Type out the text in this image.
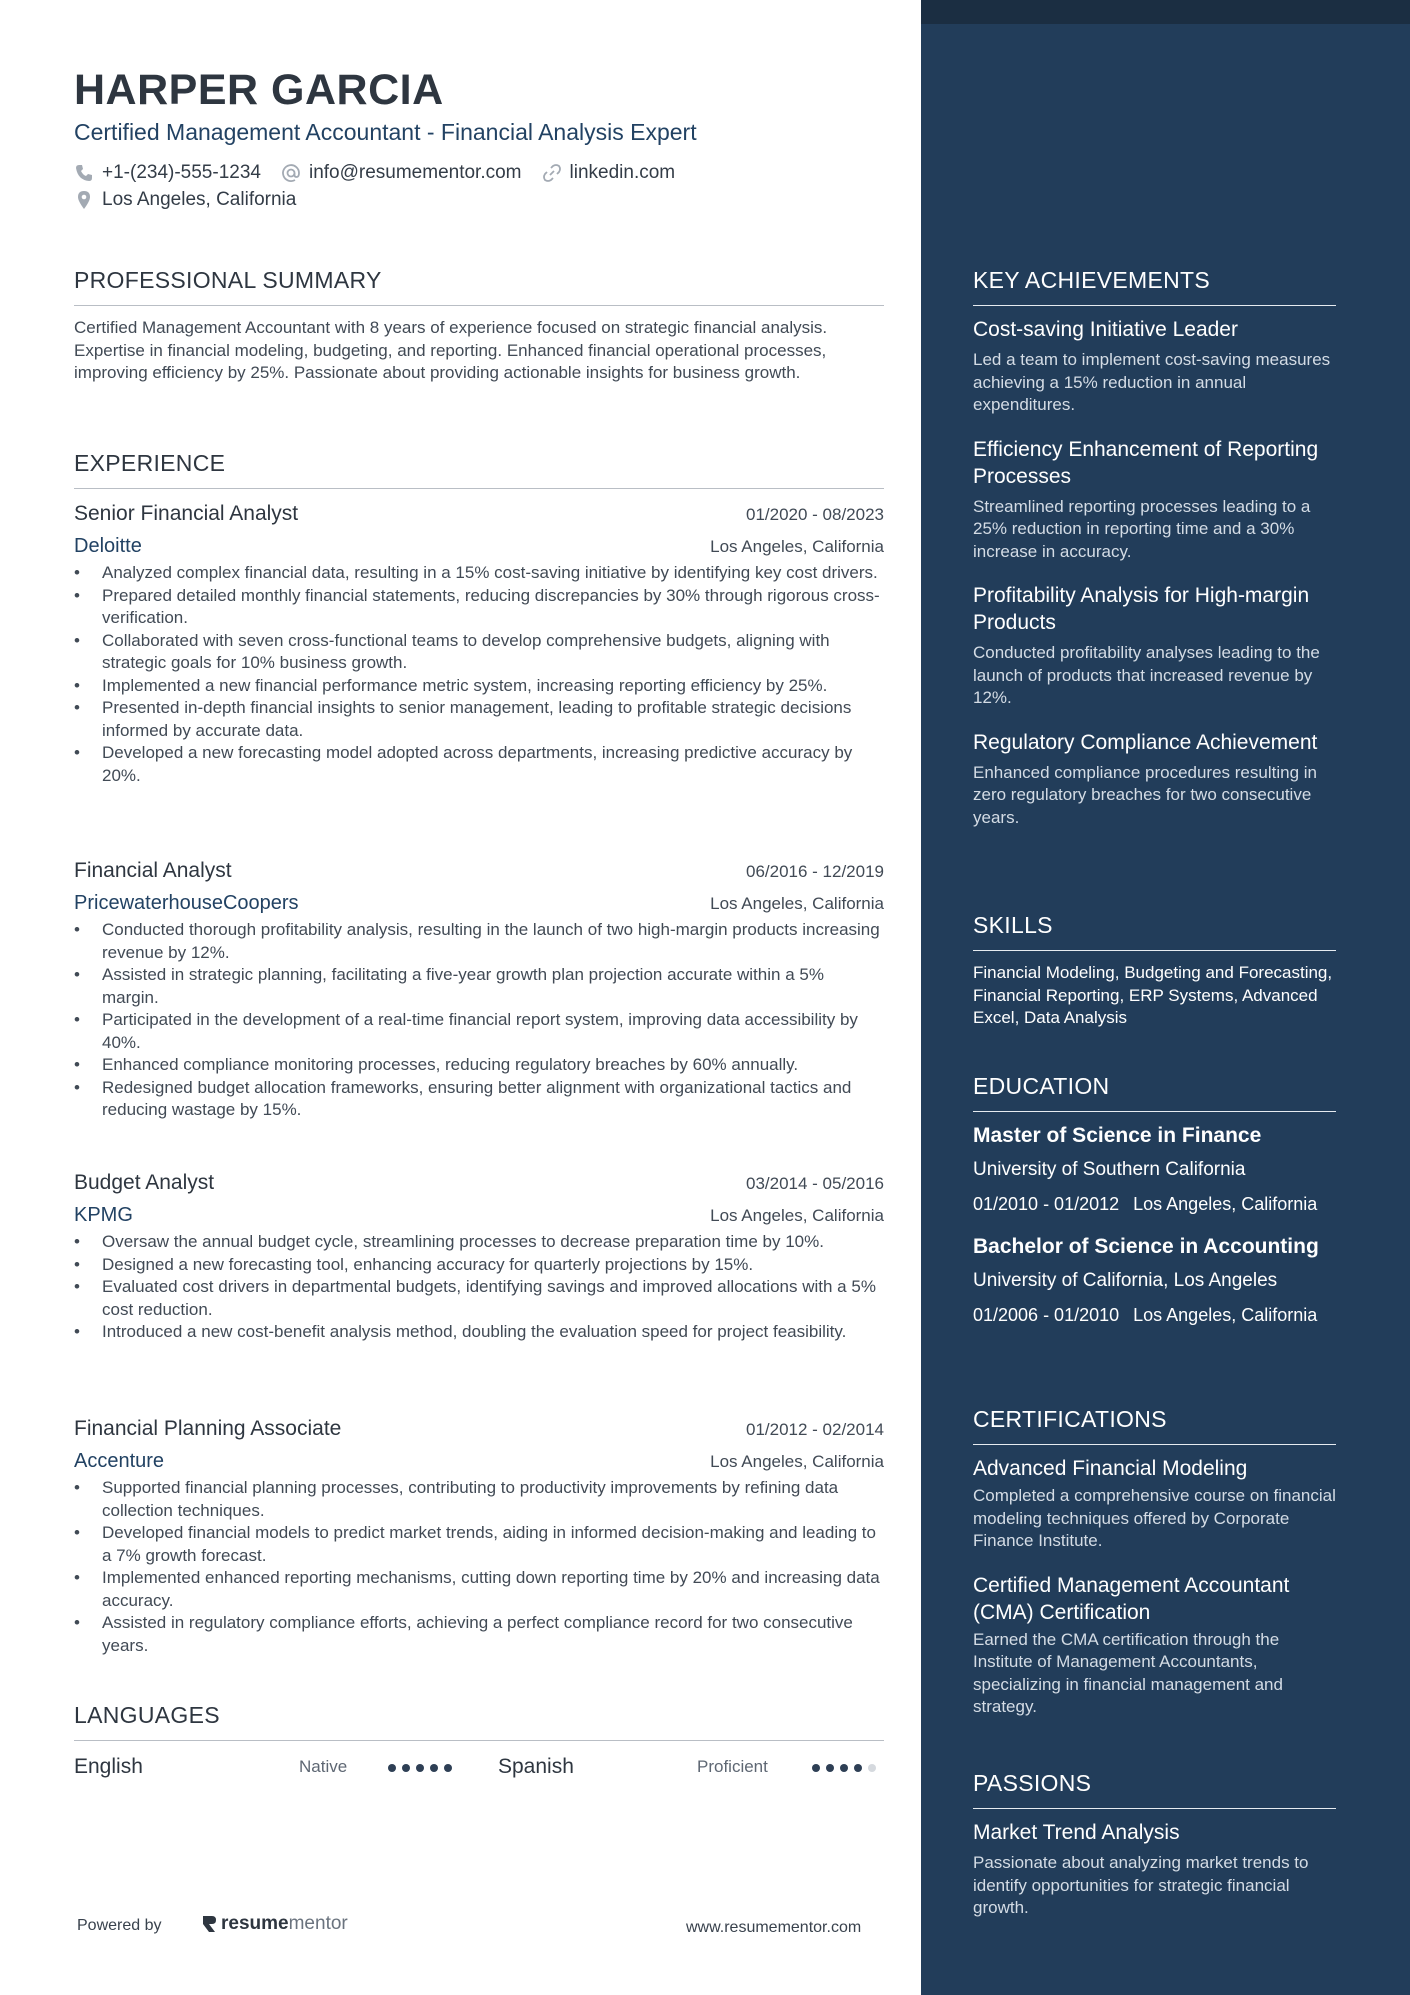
HARPER GARCIA
Certified Management Accountant - Financial Analysis Expert
+1-(234)-555-1234	info@resumementor.com	linkedin.com
Los Angeles, California
PROFESSIONAL SUMMARY
Certified Management Accountant with 8 years of experience focused on strategic financial analysis. Expertise in financial modeling, budgeting, and reporting. Enhanced financial operational processes, improving efficiency by 25%. Passionate about providing actionable insights for business growth.
EXPERIENCE
Senior Financial Analyst	01/2020 - 08/2023
Deloitte	Los Angeles, California
• Analyzed complex financial data, resulting in a 15% cost-saving initiative by identifying key cost drivers.
• Prepared detailed monthly financial statements, reducing discrepancies by 30% through rigorous cross-verification.
• Collaborated with seven cross-functional teams to develop comprehensive budgets, aligning with strategic goals for 10% business growth.
• Implemented a new financial performance metric system, increasing reporting efficiency by 25%.
• Presented in-depth financial insights to senior management, leading to profitable strategic decisions informed by accurate data.
• Developed a new forecasting model adopted across departments, increasing predictive accuracy by 20%.
Financial Analyst	06/2016 - 12/2019
PricewaterhouseCoopers	Los Angeles, California
• Conducted thorough profitability analysis, resulting in the launch of two high-margin products increasing revenue by 12%.
• Assisted in strategic planning, facilitating a five-year growth plan projection accurate within a 5% margin.
• Participated in the development of a real-time financial report system, improving data accessibility by 40%.
• Enhanced compliance monitoring processes, reducing regulatory breaches by 60% annually.
• Redesigned budget allocation frameworks, ensuring better alignment with organizational tactics and reducing wastage by 15%.
Budget Analyst	03/2014 - 05/2016
KPMG	Los Angeles, California
• Oversaw the annual budget cycle, streamlining processes to decrease preparation time by 10%.
• Designed a new forecasting tool, enhancing accuracy for quarterly projections by 15%.
• Evaluated cost drivers in departmental budgets, identifying savings and improved allocations with a 5% cost reduction.
• Introduced a new cost-benefit analysis method, doubling the evaluation speed for project feasibility.
Financial Planning Associate	01/2012 - 02/2014
Accenture	Los Angeles, California
• Supported financial planning processes, contributing to productivity improvements by refining data collection techniques.
• Developed financial models to predict market trends, aiding in informed decision-making and leading to a 7% growth forecast.
• Implemented enhanced reporting mechanisms, cutting down reporting time by 20% and increasing data accuracy.
• Assisted in regulatory compliance efforts, achieving a perfect compliance record for two consecutive years.
LANGUAGES
English	Native	Spanish	Proficient
Powered by	resume mentor	www.resumementor.com
KEY ACHIEVEMENTS
Cost-saving Initiative Leader
Led a team to implement cost-saving measures achieving a 15% reduction in annual expenditures.
Efficiency Enhancement of Reporting Processes
Streamlined reporting processes leading to a 25% reduction in reporting time and a 30% increase in accuracy.
Profitability Analysis for High-margin Products
Conducted profitability analyses leading to the launch of products that increased revenue by 12%.
Regulatory Compliance Achievement
Enhanced compliance procedures resulting in zero regulatory breaches for two consecutive years.
SKILLS
Financial Modeling, Budgeting and Forecasting, Financial Reporting, ERP Systems, Advanced Excel, Data Analysis
EDUCATION
Master of Science in Finance
University of Southern California
01/2010 - 01/2012 Los Angeles, California
Bachelor of Science in Accounting
University of California, Los Angeles
01/2006 - 01/2010 Los Angeles, California
CERTIFICATIONS
Advanced Financial Modeling
Completed a comprehensive course on financial modeling techniques offered by Corporate Finance Institute.
Certified Management Accountant (CMA) Certification
Earned the CMA certification through the Institute of Management Accountants, specializing in financial management and strategy.
PASSIONS
Market Trend Analysis
Passionate about analyzing market trends to identify opportunities for strategic financial growth.
